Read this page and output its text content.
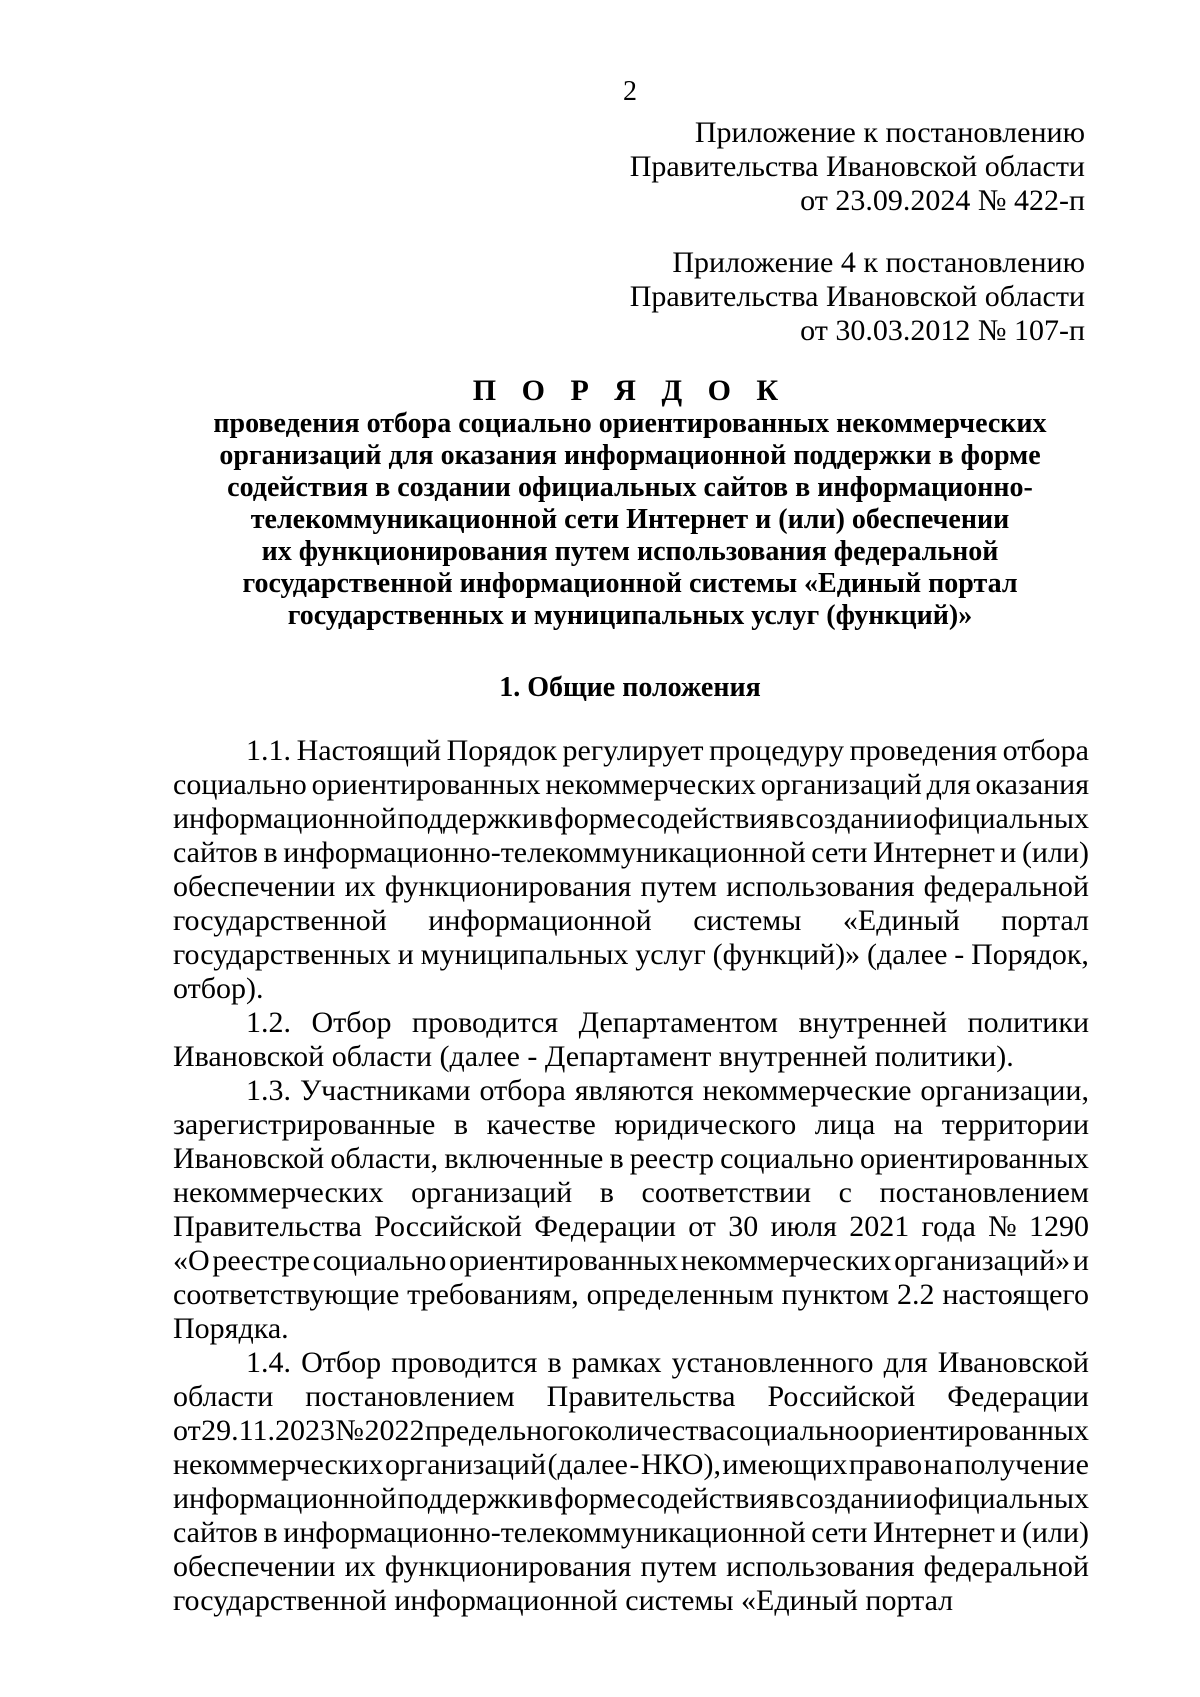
2
Приложение к постановлению
Правительства Ивановской области
от 23.09.2024 № 422-п
Приложение 4 к постановлению
Правительства Ивановской области
от 30.03.2012 № 107-п
П О Р Я Д О К
проведения отбора социально ориентированных некоммерческих
организаций для оказания информационной поддержки в форме
содействия в создании официальных сайтов в информационно-
телекоммуникационной сети Интернет и (или) обеспечении
их функционирования путем использования федеральной
государственной информационной системы «Единый портал
государственных и муниципальных услуг (функций)»
1. Общие положения
1.1. Настоящий Порядок регулирует процедуру проведения отбора
социально ориентированных некоммерческих организаций для оказания
информационной поддержки в форме содействия в создании официальных
сайтов в информационно-телекоммуникационной сети Интернет и (или)
обеспечении их функционирования путем использования федеральной
государственной информационной системы «Единый портал
государственных и муниципальных услуг (функций)» (далее - Порядок,
отбор).
1.2. Отбор проводится Департаментом внутренней политики
Ивановской области (далее - Департамент внутренней политики).
1.3. Участниками отбора являются некоммерческие организации,
зарегистрированные в качестве юридического лица на территории
Ивановской области, включенные в реестр социально ориентированных
некоммерческих организаций в соответствии с постановлением
Правительства Российской Федерации от 30 июля 2021 года № 1290
«О реестре социально ориентированных некоммерческих организаций» и
соответствующие требованиям, определенным пунктом 2.2 настоящего
Порядка.
1.4. Отбор проводится в рамках установленного для Ивановской
области постановлением Правительства Российской Федерации
от 29.11.2023 № 2022 предельного количества социально ориентированных
некоммерческих организаций (далее - НКО), имеющих право на получение
информационной поддержки в форме содействия в создании официальных
сайтов в информационно-телекоммуникационной сети Интернет и (или)
обеспечении их функционирования путем использования федеральной
государственной информационной системы «Единый портал
